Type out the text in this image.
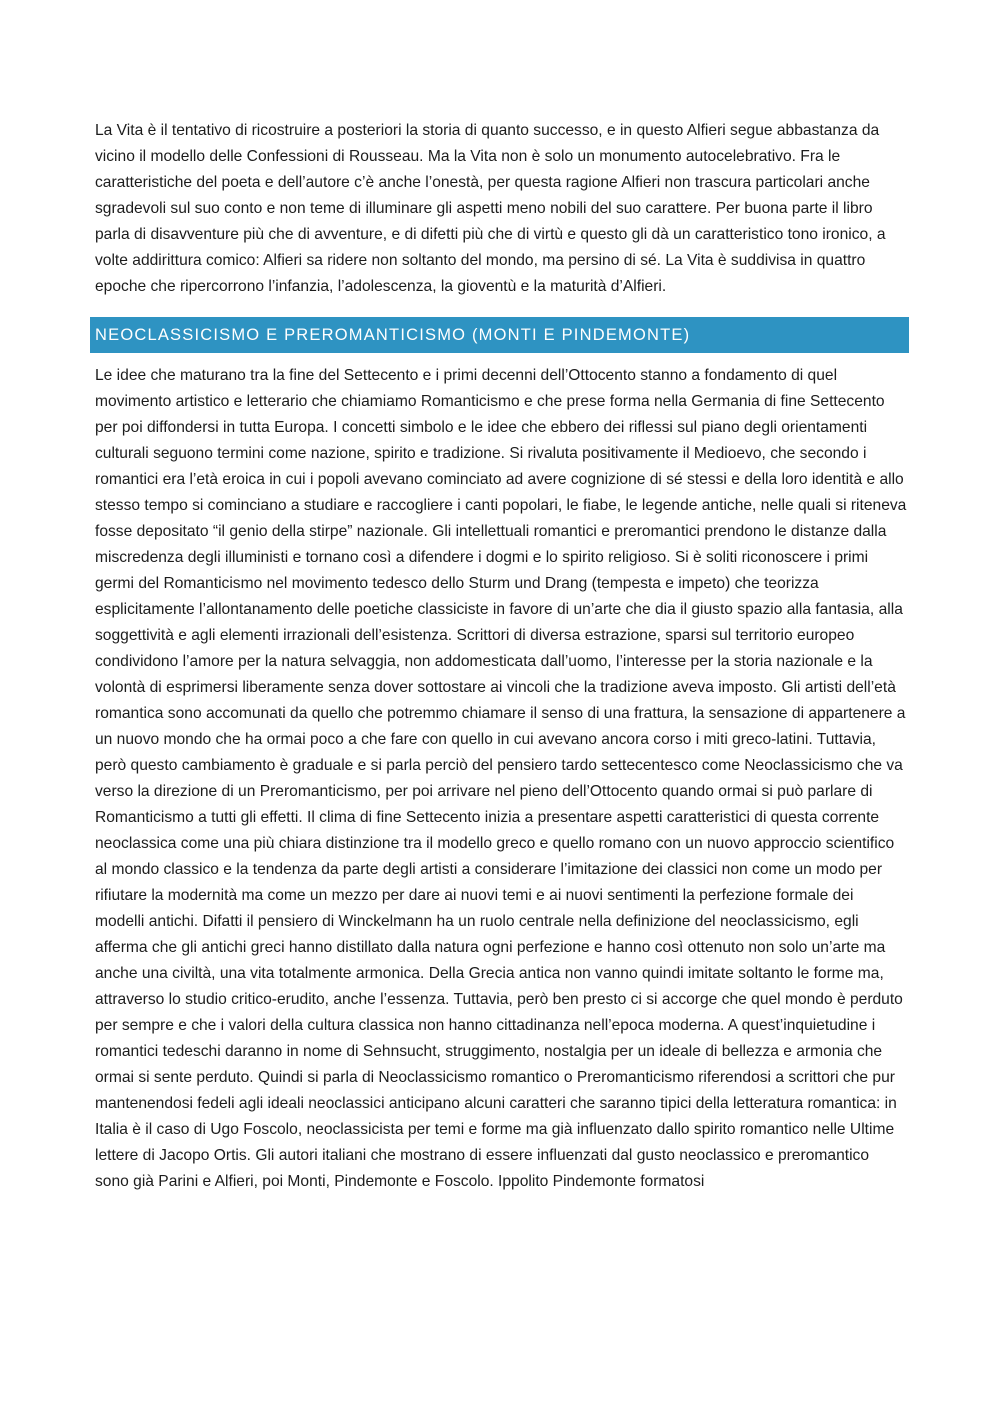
La Vita è il tentativo di ricostruire a posteriori la storia di quanto successo, e in questo Alfieri segue abbastanza da vicino il modello delle Confessioni di Rousseau. Ma la Vita non è solo un monumento autocelebrativo. Fra le caratteristiche del poeta e dell’autore c’è anche l’onestà, per questa ragione Alfieri non trascura particolari anche sgradevoli sul suo conto e non teme di illuminare gli aspetti meno nobili del suo carattere. Per buona parte il libro parla di disavventure più che di avventure, e di difetti più che di virtù e questo gli dà un caratteristico tono ironico, a volte addirittura comico: Alfieri sa ridere non soltanto del mondo, ma persino di sé. La Vita è suddivisa in quattro epoche che ripercorrono l’infanzia, l’adolescenza, la gioventù e la maturità d’Alfieri.

NEOCLASSICISMO E PREROMANTICISMO (MONTI E PINDEMONTE)

Le idee che maturano tra la fine del Settecento e i primi decenni dell’Ottocento stanno a fondamento di quel movimento artistico e letterario che chiamiamo Romanticismo e che prese forma nella Germania di fine Settecento per poi diffondersi in tutta Europa. I concetti simbolo e le idee che ebbero dei riflessi sul piano degli orientamenti culturali seguono termini come nazione, spirito e tradizione. Si rivaluta positivamente il Medioevo, che secondo i romantici era l’età eroica in cui i popoli avevano cominciato ad avere cognizione di sé stessi e della loro identità e allo stesso tempo si cominciano a studiare e raccogliere i canti popolari, le fiabe, le legende antiche, nelle quali si riteneva fosse depositato “il genio della stirpe” nazionale. Gli intellettuali romantici e preromantici prendono le distanze dalla miscredenza degli illuministi e tornano così a difendere i dogmi e lo spirito religioso. Si è soliti riconoscere i primi germi del Romanticismo nel movimento tedesco dello Sturm und Drang (tempesta e impeto) che teorizza esplicitamente l’allontanamento delle poetiche classiciste in favore di un’arte che dia il giusto spazio alla fantasia, alla soggettività e agli elementi irrazionali dell’esistenza. Scrittori di diversa estrazione, sparsi sul territorio europeo condividono l’amore per la natura selvaggia, non addomesticata dall’uomo, l’interesse per la storia nazionale e la volontà di esprimersi liberamente senza dover sottostare ai vincoli che la tradizione aveva imposto. Gli artisti dell’età romantica sono accomunati da quello che potremmo chiamare il senso di una frattura, la sensazione di appartenere a un nuovo mondo che ha ormai poco a che fare con quello in cui avevano ancora corso i miti greco-latini. Tuttavia, però questo cambiamento è graduale e si parla perciò del pensiero tardo settecentesco come Neoclassicismo che va verso la direzione di un Preromanticismo, per poi arrivare nel pieno dell’Ottocento quando ormai si può parlare di Romanticismo a tutti gli effetti. Il clima di fine Settecento inizia a presentare aspetti caratteristici di questa corrente neoclassica come una più chiara distinzione tra il modello greco e quello romano con un nuovo approccio scientifico al mondo classico e la tendenza da parte degli artisti a considerare l’imitazione dei classici non come un modo per rifiutare la modernità ma come un mezzo per dare ai nuovi temi e ai nuovi sentimenti la perfezione formale dei modelli antichi. Difatti il pensiero di Winckelmann ha un ruolo centrale nella definizione del neoclassicismo, egli afferma che gli antichi greci hanno distillato dalla natura ogni perfezione e hanno così ottenuto non solo un’arte ma anche una civiltà, una vita totalmente armonica. Della Grecia antica non vanno quindi imitate soltanto le forme ma, attraverso lo studio critico-erudito, anche l’essenza. Tuttavia, però ben presto ci si accorge che quel mondo è perduto per sempre e che i valori della cultura classica non hanno cittadinanza nell’epoca moderna. A quest’inquietudine i romantici tedeschi daranno in nome di Sehnsucht, struggimento, nostalgia per un ideale di bellezza e armonia che ormai si sente perduto. Quindi si parla di Neoclassicismo romantico o Preromanticismo riferendosi a scrittori che pur mantenendosi fedeli agli ideali neoclassici anticipano alcuni caratteri che saranno tipici della letteratura romantica: in Italia è il caso di Ugo Foscolo, neoclassicista per temi e forme ma già influenzato dallo spirito romantico nelle Ultime lettere di Jacopo Ortis. Gli autori italiani che mostrano di essere influenzati dal gusto neoclassico e preromantico sono già Parini e Alfieri, poi Monti, Pindemonte e Foscolo. Ippolito Pindemonte formatosi
